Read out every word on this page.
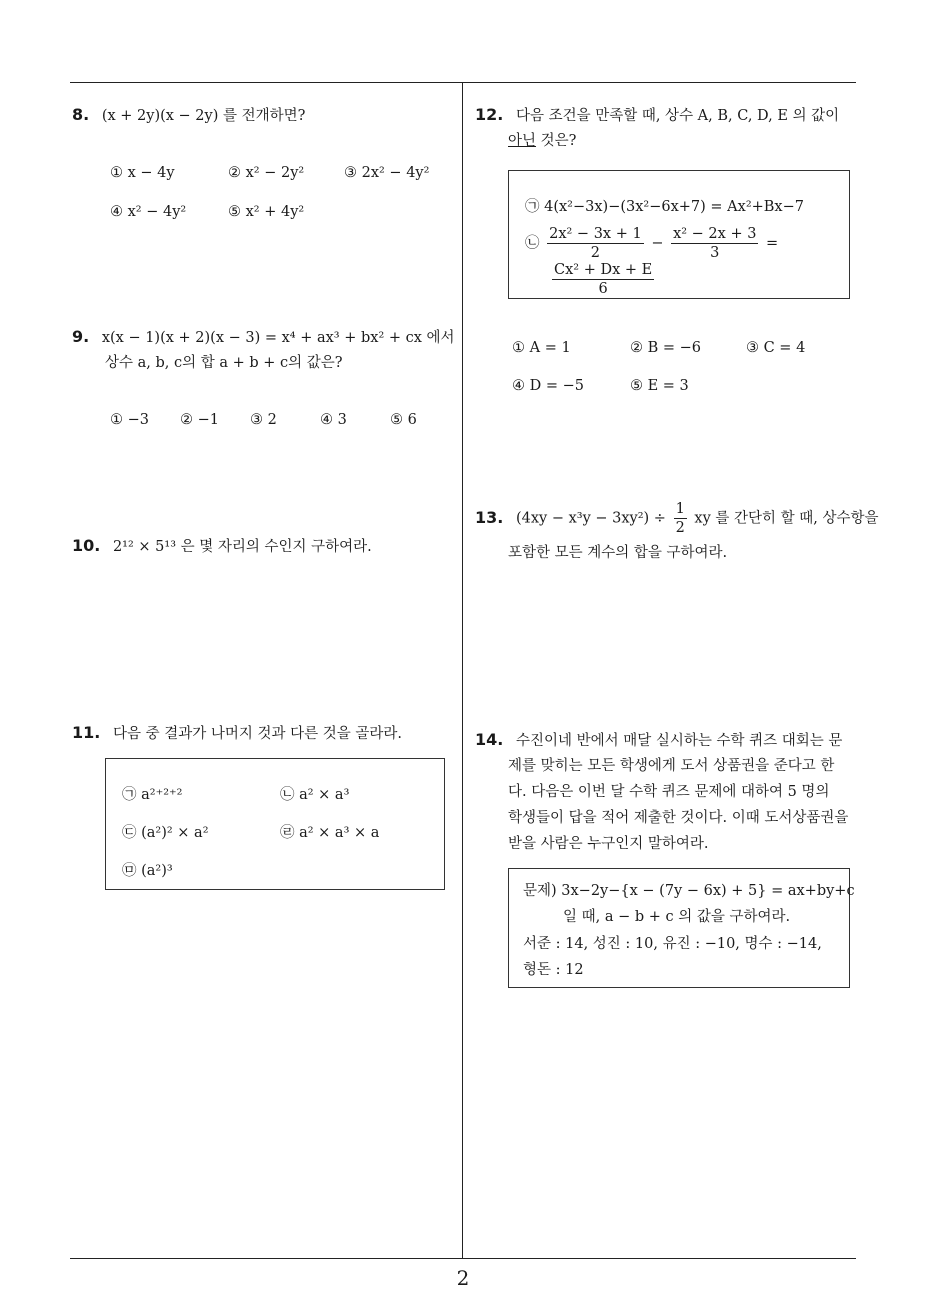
8. (x + 2y)(x − 2y) 를 전개하면?
① x − 4y	② x² − 2y²	③ 2x² − 4y²
④ x² − 4y²	⑤ x² + 4y²
9. x(x − 1)(x + 2)(x − 3) = x⁴ + ax³ + bx² + cx 에서
상수 a, b, c의 합 a + b + c의 값은?
① −3 ② −1 ③ 2	④ 3	⑤ 6
10. 2¹² × 5¹³ 은 몇 자리의 수인지 구하여라.
11. 다음 중 결과가 나머지 것과 다른 것을 골라라.
㉠ a²⁺²⁺²	㉡ a² × a³
㉢ (a²)² × a²	㉣ a² × a³ × a
㉤ (a²)³
12. 다음 조건을 만족할 때, 상수 A, B, C, D, E 의 값이
아닌 것은?
㉠ 4(x²−3x)−(3x²−6x+7) = Ax²+Bx−7
㉡ $\frac{\text{2x² − 3x + 1}}{2} - \frac{\text{x² − 2x + 3}}{3}$ =
$\frac{\text{Cx² + Dx + E}}{6}$
① A = 1	② B = −6	③ C = 4
④ D = −5	⑤ E = 3
13. $(4xy - x^3y - 3xy^2) \div \frac{1}{2}$ xy 를 간단히 할 때, 상수항을
포함한 모든 계수의 합을 구하여라.
14. 수진이네 반에서 매달 실시하는 수학 퀴즈 대회는 문
제를 맞히는 모든 학생에게 도서 상품권을 준다고 한
다. 다음은 이번 달 수학 퀴즈 문제에 대하여 5 명의
학생들이 답을 적어 제출한 것이다. 이때 도서상품권을
받을 사람은 누구인지 말하여라.
문제) 3x−2y−{x − (7y − 6x) + 5} = ax+by+c
일 때, a − b + c 의 값을 구하여라.
서준 : 14, 성진 : 10, 유진 : −10, 명수 : −14,
형돈 : 12
2
